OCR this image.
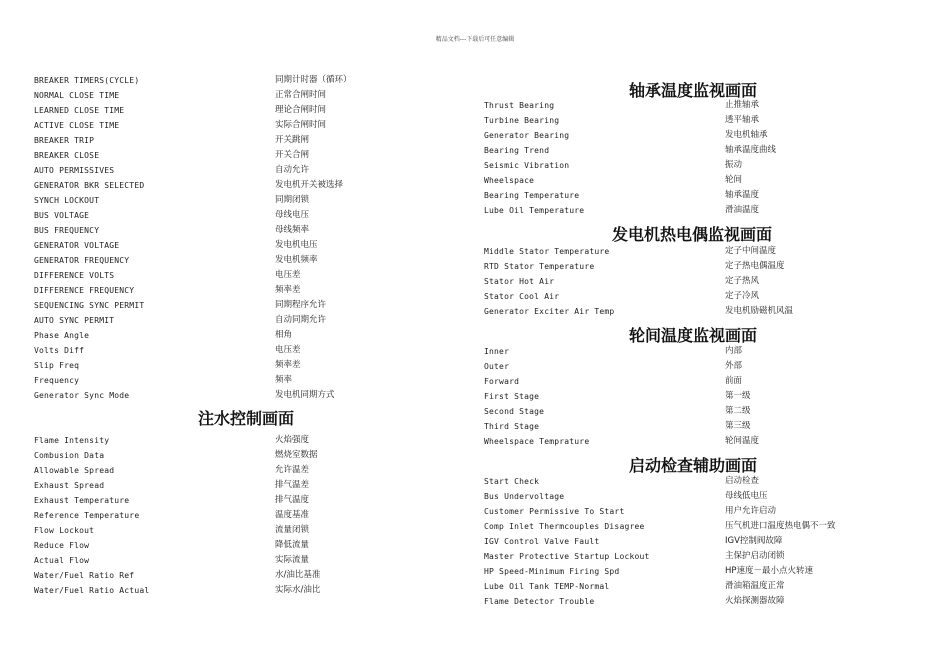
精品文档---下载后可任意编辑
注水控制画面
BREAKER TIMERS(CYCLE)	同期计时器（循环）
NORMAL CLOSE TIME	正常合闸时间
LEARNED CLOSE TIME	理论合闸时间
ACTIVE CLOSE TIME	实际合闸时间
BREAKER TRIP	开关跳闸
BREAKER CLOSE	开关合闸
AUTO PERMISSIVES	自动允许
GENERATOR BKR SELECTED	发电机开关被选择
SYNCH LOCKOUT	同期闭锁
BUS VOLTAGE	母线电压
BUS FREQUENCY	母线频率
GENERATOR VOLTAGE	发电机电压
GENERATOR FREQUENCY	发电机频率
DIFFERENCE VOLTS	电压差
DIFFERENCE FREQUENCY	频率差
SEQUENCING SYNC PERMIT	同期程序允许
AUTO SYNC PERMIT	自动同期允许
Phase Angle	相角
Volts Diff	电压差
Slip Freq	频率差
Frequency	频率
Generator Sync Mode	发电机同期方式
Flame Intensity	火焰强度
Combusion Data	燃烧室数据
Allowable Spread	允许温差
Exhaust Spread	排气温差
Exhaust Temperature	排气温度
Reference Temperature	温度基准
Flow Lockout	流量闭锁
Reduce Flow	降低流量
Actual Flow	实际流量
Water/Fuel Ratio Ref	水/油比基准
Water/Fuel Ratio Actual	实际水/油比
轴承温度监视画面
发电机热电偶监视画面
轮间温度监视画面
启动检查辅助画面
Thrust Bearing	止推轴承
Turbine Bearing	透平轴承
Generator Bearing	发电机轴承
Bearing Trend	轴承温度曲线
Seismic Vibration	振动
Wheelspace	轮间
Bearing Temperature	轴承温度
Lube Oil Temperature	滑油温度
Middle Stator Temperature	定子中间温度
RTD Stator Temperature	定子热电偶温度
Stator Hot Air	定子热风
Stator Cool Air	定子冷风
Generator Exciter Air Temp	发电机励磁机风温
Inner	内部
Outer	外部
Forward	前面
First Stage	第一级
Second Stage	第二级
Third Stage	第三级
Wheelspace Temprature	轮间温度
Start Check	启动检查
Bus Undervoltage	母线低电压
Customer Permissive To Start	用户允许启动
Comp Inlet Thermcouples Disagree	压气机进口温度热电偶不一致
IGV Control Valve Fault	IGV控制阀故障
Master Protective Startup Lockout	主保护启动闭锁
HP Speed-Minimum Firing Spd	HP速度－最小点火转速
Lube Oil Tank TEMP-Normal	滑油箱温度正常
Flame Detector Trouble	火焰探测器故障
